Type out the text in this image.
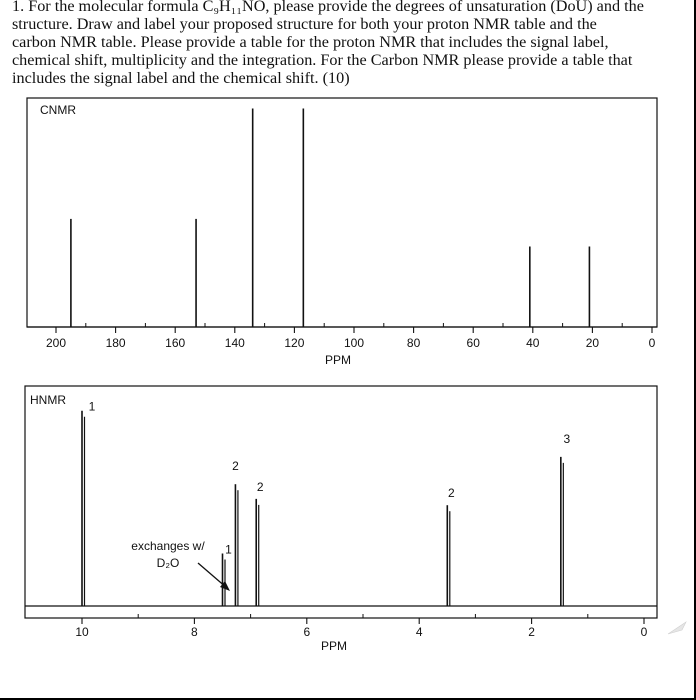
1. For the molecular formula C₉H₁₁NO, please provide the degrees of unsaturation (DoU) and the

structure. Draw and label your proposed structure for both your proton NMR table and the

carbon NMR table. Please provide a table for the proton NMR that includes the signal label,

chemical shift, multiplicity and the integration. For the Carbon NMR please provide a table that

includes the signal label and the chemical shift. (10)

CNMR
200	180	160	140	120	100	80	60	40	20	0
PPM
HNMR
10	8	6	4	2	0
1
1
2
2	2
3
exchanges w/
D₂O
PPM
